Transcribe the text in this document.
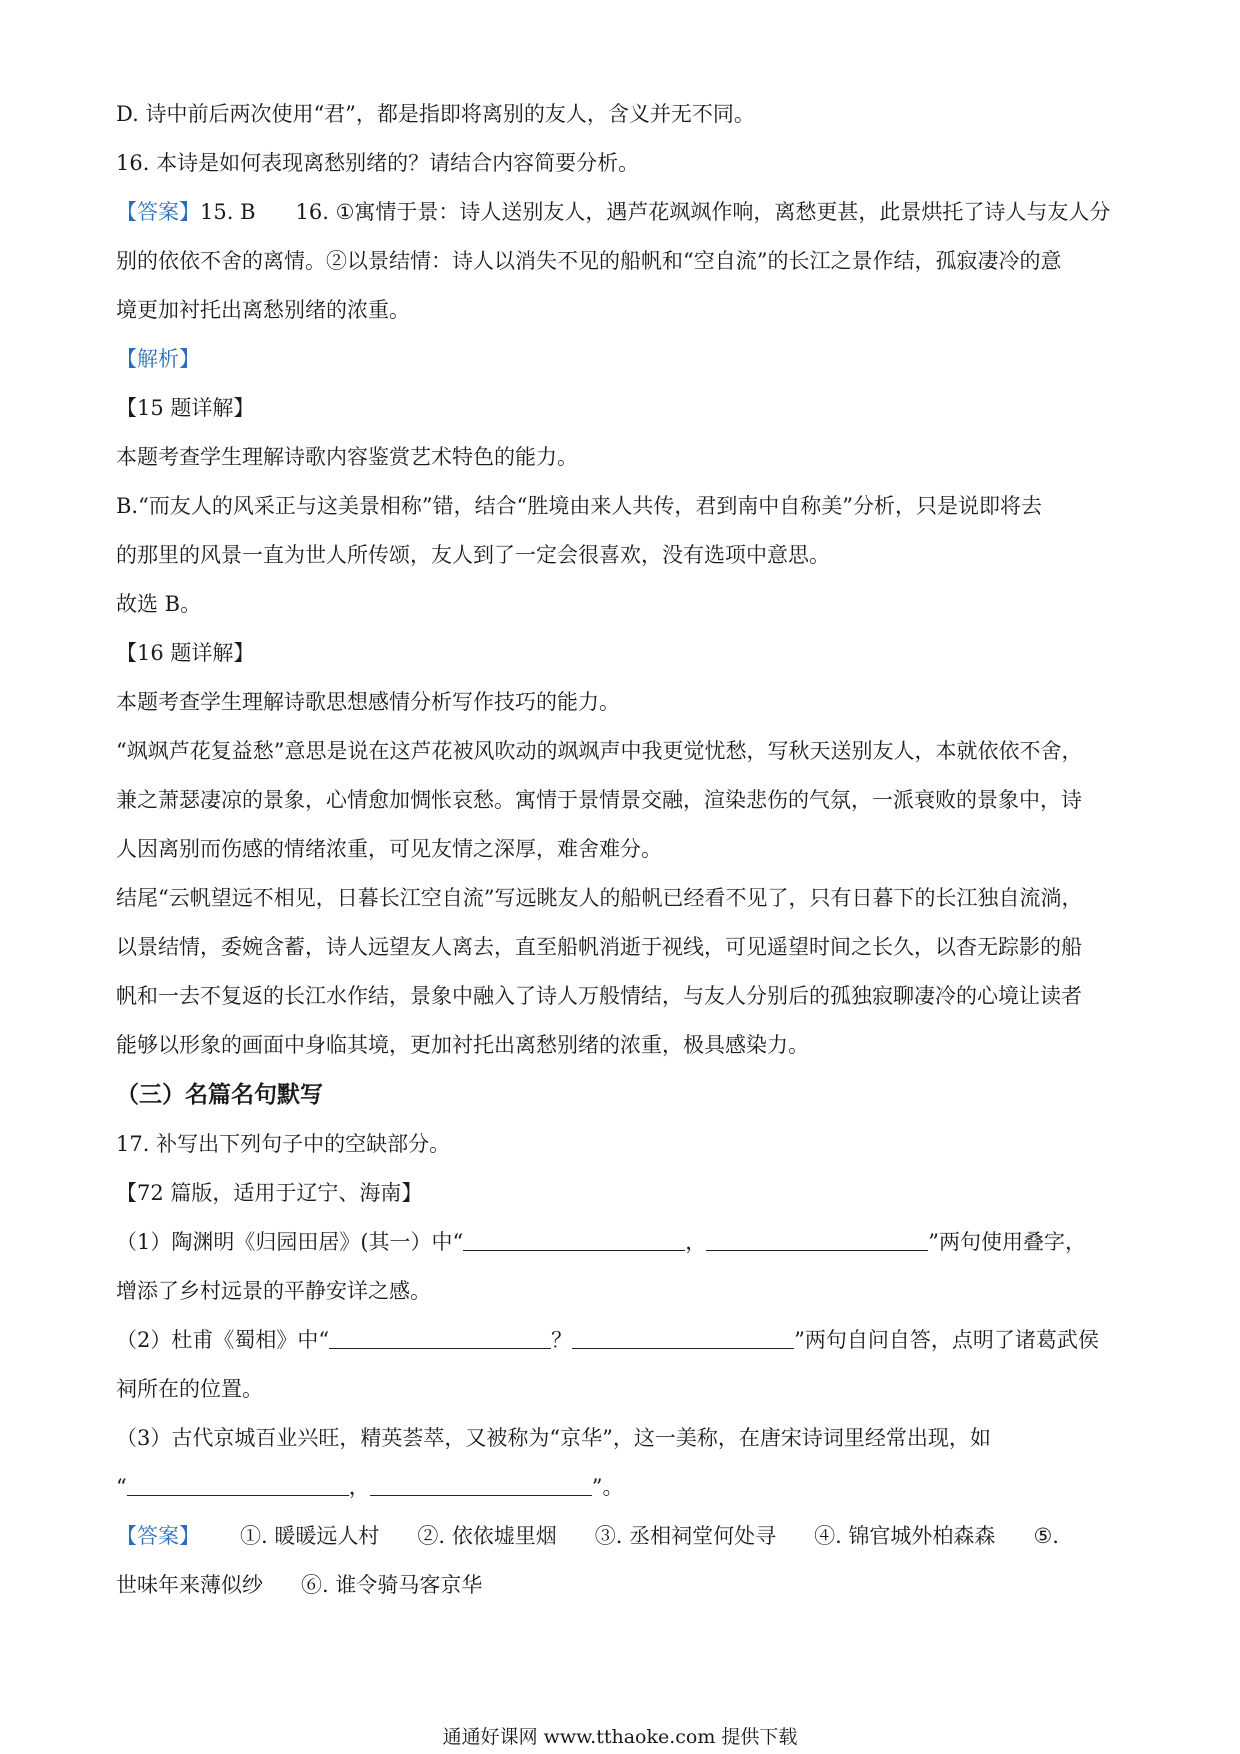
D. 诗中前后两次使用“君”，都是指即将离别的友人，含义并无不同。
16. 本诗是如何表现离愁别绪的？请结合内容简要分析。
【答案】15. B 16. ①寓情于景：诗人送别友人，遇芦花飒飒作响，离愁更甚，此景烘托了诗人与友人分
别的依依不舍的离情。②以景结情：诗人以消失不见的船帆和“空自流”的长江之景作结，孤寂凄冷的意
境更加衬托出离愁别绪的浓重。
【解析】
【15 题详解】
本题考查学生理解诗歌内容鉴赏艺术特色的能力。
B.“而友人的风采正与这美景相称”错，结合“胜境由来人共传，君到南中自称美”分析，只是说即将去
的那里的风景一直为世人所传颂，友人到了一定会很喜欢，没有选项中意思。
故选 B。
【16 题详解】
本题考查学生理解诗歌思想感情分析写作技巧的能力。
“飒飒芦花复益愁”意思是说在这芦花被风吹动的飒飒声中我更觉忧愁，写秋天送别友人，本就依依不舍，
兼之萧瑟凄凉的景象，心情愈加惆怅哀愁。寓情于景情景交融，渲染悲伤的气氛，一派衰败的景象中，诗
人因离别而伤感的情绪浓重，可见友情之深厚，难舍难分。
结尾“云帆望远不相见，日暮长江空自流”写远眺友人的船帆已经看不见了，只有日暮下的长江独自流淌，
以景结情，委婉含蓄，诗人远望友人离去，直至船帆消逝于视线，可见遥望时间之长久，以杳无踪影的船
帆和一去不复返的长江水作结，景象中融入了诗人万般情结，与友人分别后的孤独寂聊凄冷的心境让读者
能够以形象的画面中身临其境，更加衬托出离愁别绪的浓重，极具感染力。
（三）名篇名句默写
17. 补写出下列句子中的空缺部分。
【72 篇版，适用于辽宁、海南】
（1）陶渊明《归园田居》(其一）中“	，	”两句使用叠字，
增添了乡村远景的平静安详之感。
（2）杜甫《蜀相》中“	？	”两句自问自答，点明了诸葛武侯
祠所在的位置。
（3）古代京城百业兴旺，精英荟萃，又被称为“京华”，这一美称，在唐宋诗词里经常出现，如
“	，	”。
【答案】 ①. 暖暖远人村 ②. 依依墟里烟 ③. 丞相祠堂何处寻 ④. 锦官城外柏森森 ⑤.
世味年来薄似纱 ⑥. 谁令骑马客京华
通通好课网 www.tthaoke.com 提供下载
